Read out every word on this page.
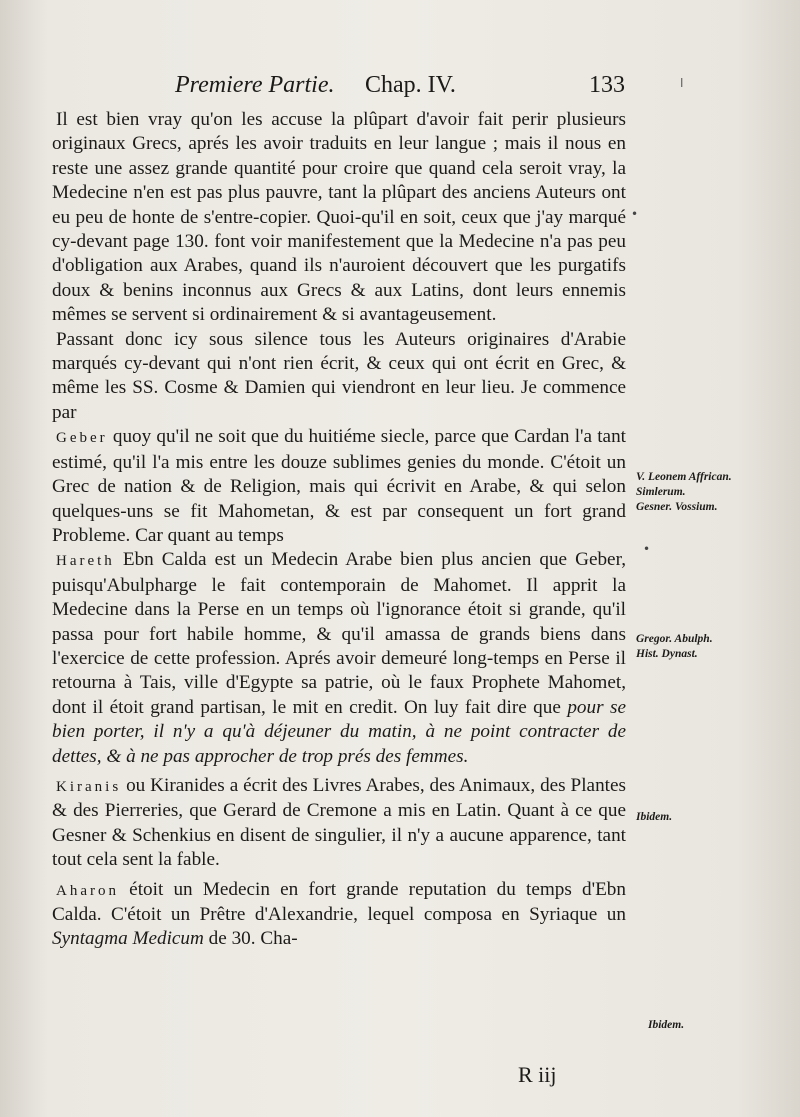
Premiere Partie. Chap. IV.	133

Il est bien vray qu'on les accuse la plûpart d'avoir fait perir plusieurs originaux Grecs, aprés les avoir traduits en leur langue ; mais il nous en reste une assez grande quantité pour croire que quand cela seroit vray, la Medecine n'en est pas plus pauvre, tant la plûpart des anciens Auteurs ont eu peu de honte de s'entre-copier. Quoi-qu'il en soit, ceux que j'ay marqué cy-devant page 130. font voir manifestement que la Medecine n'a pas peu d'obligation aux Arabes, quand ils n'auroient découvert que les purgatifs doux & benins inconnus aux Grecs & aux Latins, dont leurs ennemis mêmes se servent si ordinairement & si avantageusement.

Passant donc icy sous silence tous les Auteurs originaires d'Arabie marqués cy-devant qui n'ont rien écrit, & ceux qui ont écrit en Grec, & même les SS. Cosme & Damien qui viendront en leur lieu. Je commence par

Geber quoy qu'il ne soit que du huitiéme siecle, parce que Cardan l'a tant estimé, qu'il l'a mis entre les douze sublimes genies du monde. C'étoit un Grec de nation & de Religion, mais qui écrivit en Arabe, & qui selon quelques-uns se fit Mahometan, & est par consequent un fort grand Probleme. Car quant au temps

Hareth Ebn Calda est un Medecin Arabe bien plus ancien que Geber, puisqu'Abulpharge le fait contemporain de Mahomet. Il apprit la Medecine dans la Perse en un temps où l'ignorance étoit si grande, qu'il passa pour fort habile homme, & qu'il amassa de grands biens dans l'exercice de cette profession. Aprés avoir demeuré long-temps en Perse il retourna à Tais, ville d'Egypte sa patrie, où le faux Prophete Mahomet, dont il étoit grand partisan, le mit en credit. On luy fait dire que pour se bien porter, il n'y a qu'à déjeuner du matin, à ne point contracter de dettes, & à ne pas approcher de trop prés des femmes.

Kiranis ou Kiranides a écrit des Livres Arabes, des Animaux, des Plantes & des Pierreries, que Gerard de Cremone a mis en Latin. Quant à ce que Gesner & Schenkius en disent de singulier, il n'y a aucune apparence, tant tout cela sent la fable.

Aharon étoit un Medecin en fort grande reputation du temps d'Ebn Calda. C'étoit un Prêtre d'Alexandrie, lequel composa en Syriaque un Syntagma Medicum de 30. Cha-

V. Leonem Affrican.
Simlerum.
Gesner. Vossium.
Gregor. Abulph.
Hist. Dynast.
Ibidem.
Ibidem.
R iij
•
ǀ
•
